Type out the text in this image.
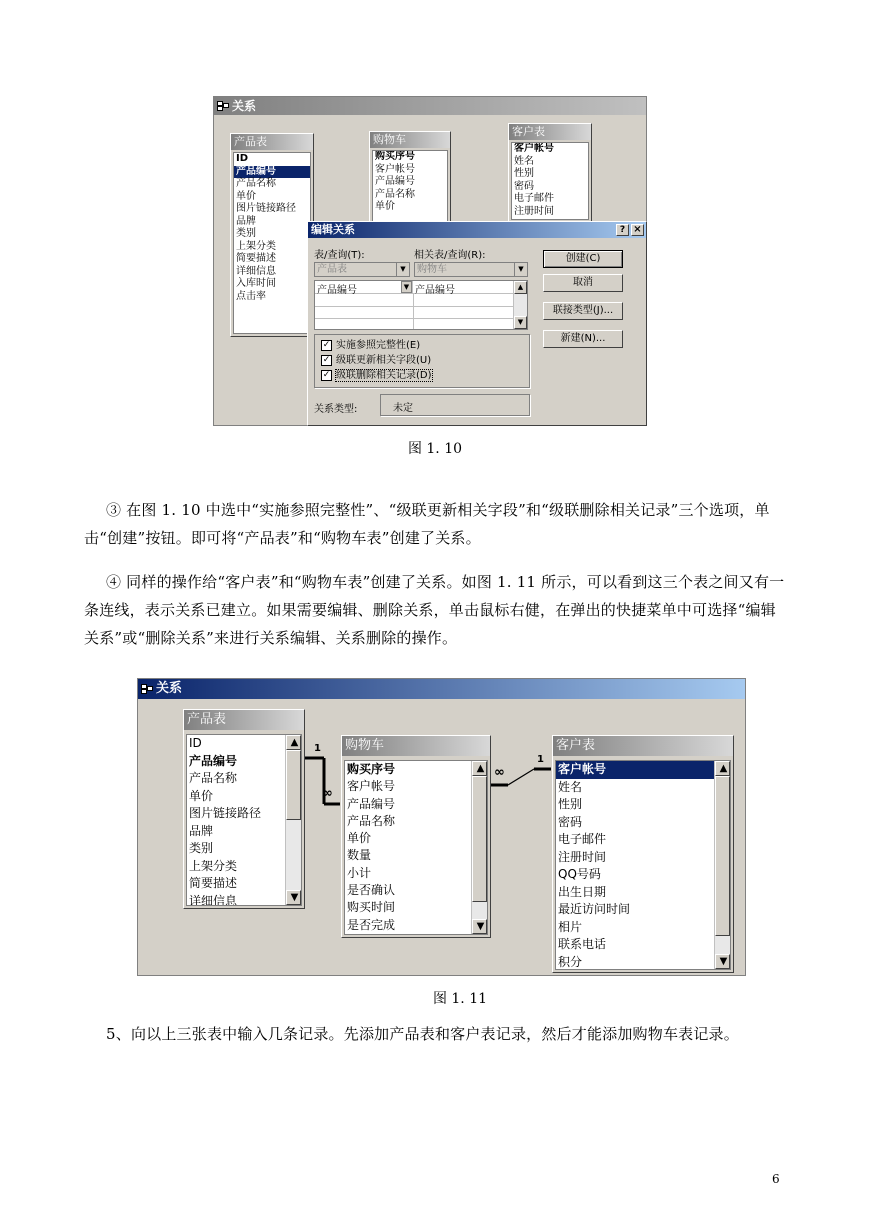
关系
产品表
ID
产品编号
产品名称
单价
图片链接路径
品牌
类别
上架分类
简要描述
详细信息
入库时间
点击率
购物车
购买序号
客户帐号
产品编号
产品名称
单价
客户表
客户帐号
姓名
性别
密码
电子邮件
注册时间
编辑关系	? ×
表/查询(T):	相关表/查询(R):
产品表	▼	购物车	▼
产品编号	▼ 产品编号	▲
▼
创建(C)
取消
联接类型(J)...
新建(N)...
✓ 实施参照完整性(E)
✓ 级联更新相关字段(U)
✓ 级联删除相关记录(D)
关系类型:	未定
图 1. 10

③ 在图 1. 10 中选中“实施参照完整性”、“级联更新相关字段”和“级联删除相关记录”三个选项，单击“创建”按钮。即可将“产品表”和“购物车表”创建了关系。

④ 同样的操作给“客户表”和“购物车表”创建了关系。如图 1. 11 所示，可以看到这三个表之间又有一条连线，表示关系已建立。如果需要编辑、删除关系，单击鼠标右健，在弹出的快捷菜单中可选择“编辑关系”或“删除关系”来进行关系编辑、关系删除的操作。

关系
1
∞
∞
1
产品表
ID
产品编号
产品名称
单价
图片链接路径
品牌
类别
上架分类
简要描述
详细信息
▲
▼
购物车
购买序号
客户帐号
产品编号
产品名称
单价
数量
小计
是否确认
购买时间
是否完成
▲
▼
客户表
客户帐号
姓名
性别
密码
电子邮件
注册时间
QQ号码
出生日期
最近访问时间
相片
联系电话
积分
▲
▼
图 1. 11

5、向以上三张表中输入几条记录。先添加产品表和客户表记录，然后才能添加购物车表记录。

6
